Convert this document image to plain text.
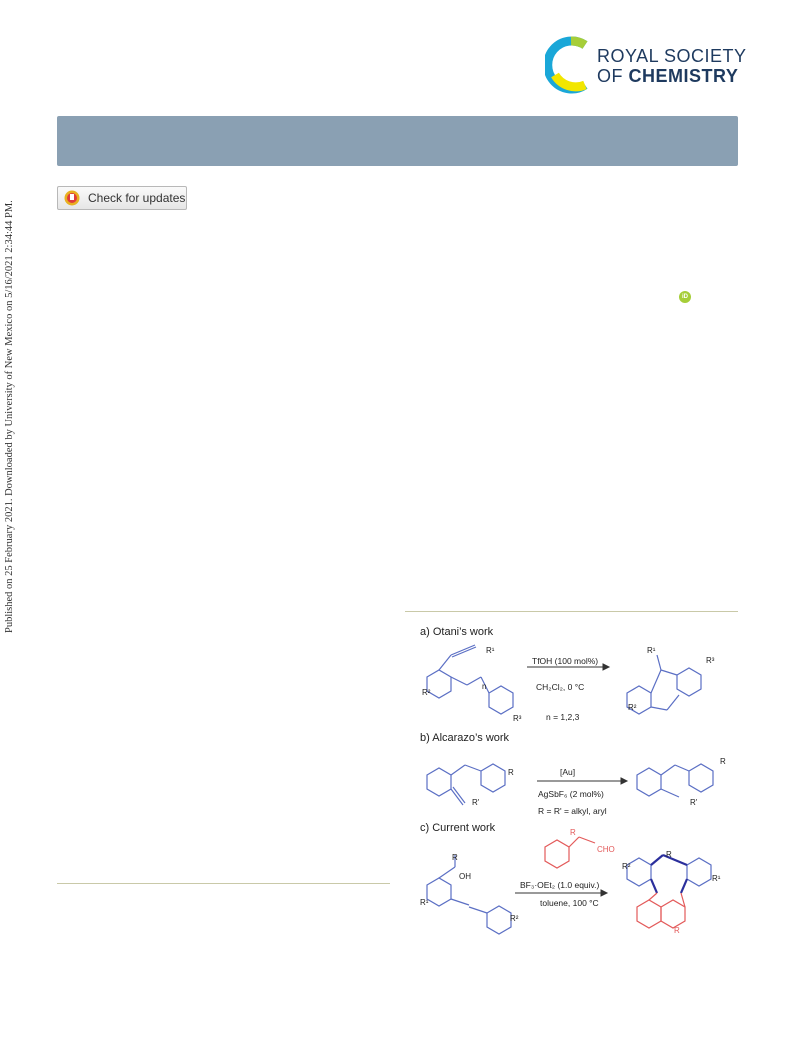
ROYAL SOCIETY
OF CHEMISTRY
Check for updates
Published on 25 February 2021. Downloaded by University of New Mexico on 5/16/2021 2:34:44 PM.	iD
a) Otani’s work
TfOH (100 mol%)
CH₂Cl₂, 0 °C
n = 1,2,3
R¹
R²
R³
n
R¹
R³
R²
b) Alcarazo’s work
[Au]
AgSbF₆ (2 mol%)
R = R' = alkyl, aryl
R
R'
R
R'
c) Current work	R
CHO
BF₃·OEt₂ (1.0 equiv.)
toluene, 100 °C
R
OH
R¹
R²
R
R²
R¹
R
